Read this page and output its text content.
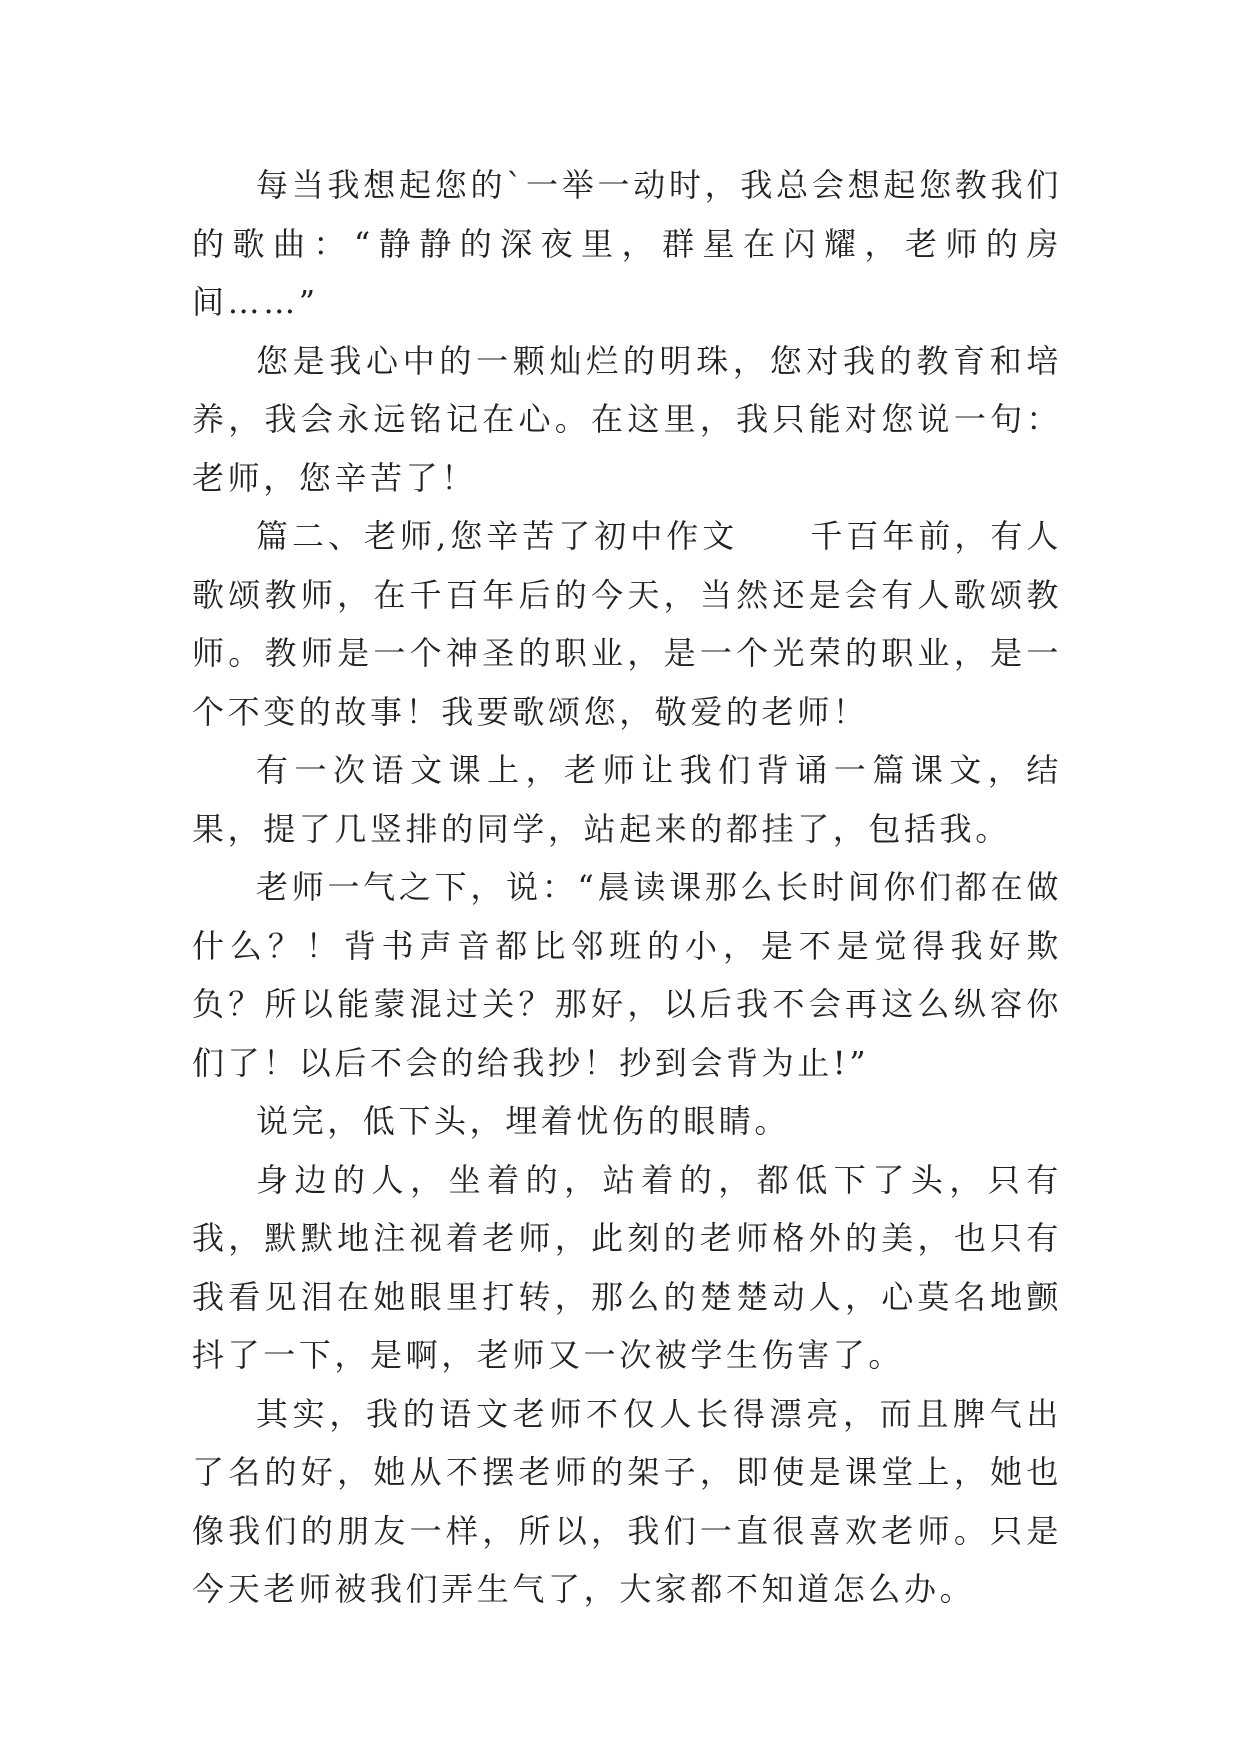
每当我想起您的`一举一动时，我总会想起您教我们的歌曲：“静静的深夜里，群星在闪耀，老师的房间……”

您是我心中的一颗灿烂的明珠，您对我的教育和培养，我会永远铭记在心。在这里，我只能对您说一句：老师，您辛苦了！

篇二、老师,您辛苦了初中作文　　千百年前，有人歌颂教师，在千百年后的今天，当然还是会有人歌颂教师。教师是一个神圣的职业，是一个光荣的职业，是一个不变的故事！我要歌颂您，敬爱的老师！

有一次语文课上，老师让我们背诵一篇课文，结果，提了几竖排的同学，站起来的都挂了，包括我。

老师一气之下，说：“晨读课那么长时间你们都在做什么？！背书声音都比邻班的小，是不是觉得我好欺负？所以能蒙混过关？那好，以后我不会再这么纵容你们了！以后不会的给我抄！抄到会背为止!”

说完，低下头，埋着忧伤的眼睛。

身边的人，坐着的，站着的，都低下了头，只有我，默默地注视着老师，此刻的老师格外的美，也只有我看见泪在她眼里打转，那么的楚楚动人，心莫名地颤抖了一下，是啊，老师又一次被学生伤害了。

其实，我的语文老师不仅人长得漂亮，而且脾气出了名的好，她从不摆老师的架子，即使是课堂上，她也像我们的朋友一样，所以，我们一直很喜欢老师。只是今天老师被我们弄生气了，大家都不知道怎么办。
